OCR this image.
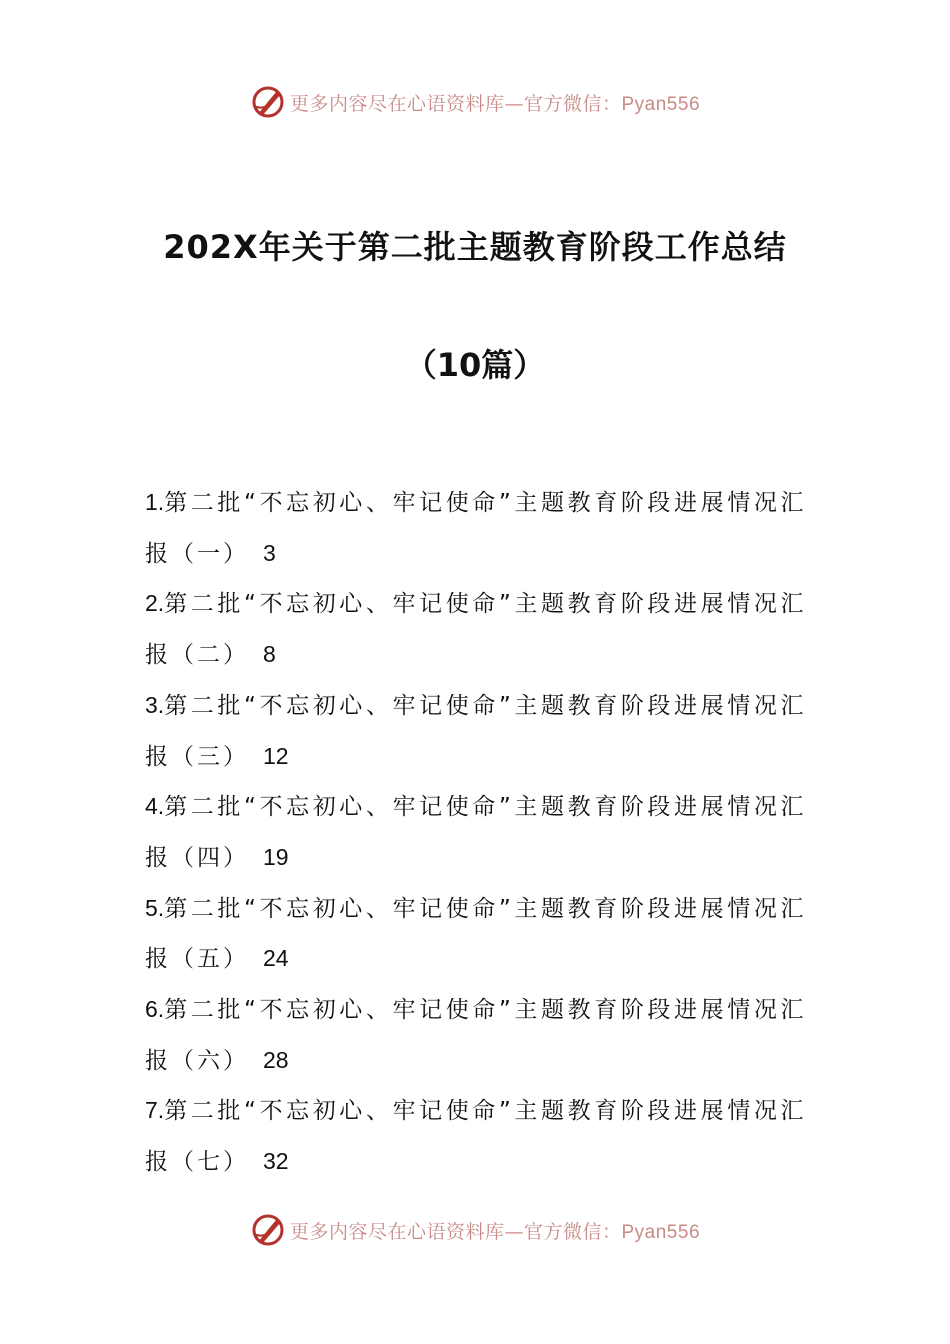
更多内容尽在心语资料库—官方微信：Pyan556
202X年关于第二批主题教育阶段工作总结
（10篇）
1.第二批“不忘初心、牢记使命”主题教育阶段进展情况汇
报（一） 3
2.第二批“不忘初心、牢记使命”主题教育阶段进展情况汇
报（二） 8
3.第二批“不忘初心、牢记使命”主题教育阶段进展情况汇
报（三） 12
4.第二批“不忘初心、牢记使命”主题教育阶段进展情况汇
报（四） 19
5.第二批“不忘初心、牢记使命”主题教育阶段进展情况汇
报（五） 24
6.第二批“不忘初心、牢记使命”主题教育阶段进展情况汇
报（六） 28
7.第二批“不忘初心、牢记使命”主题教育阶段进展情况汇
报（七） 32
更多内容尽在心语资料库—官方微信：Pyan556
